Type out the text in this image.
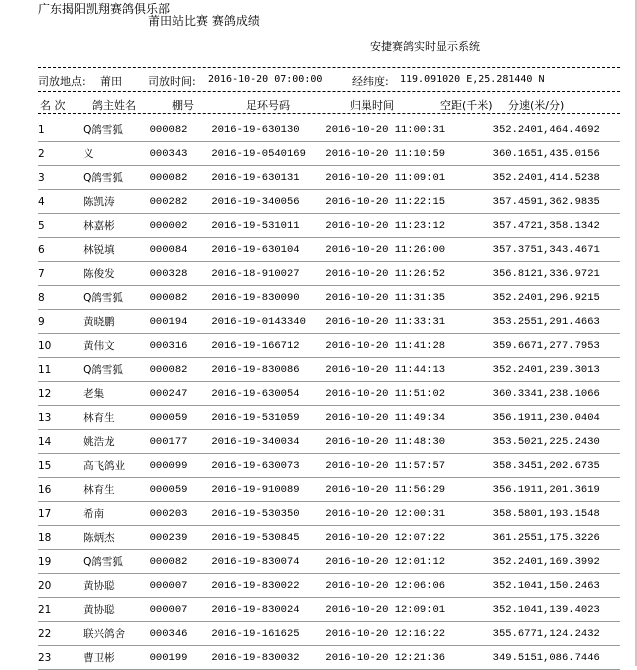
广东揭阳凯翔赛鸽俱乐部
莆田站比赛 赛鸽成绩
安捷赛鸽实时显示系统
司放地点: 莆田 司放时间: 2016-10-20 07:00:00	经纬度: 119.091020 E,25.281440 N
名 次 鸽主姓名	棚号	足环号码	归巢时间	空距(千米) 分速(米/分)
1	Q鸽雪狐	000082	2016-19-630130	2016-10-20 11:00:31	352.240	1,464.4692
2	义	000343	2016-19-0540169	2016-10-20 11:10:59	360.165	1,435.0156
3	Q鸽雪狐	000082	2016-19-630131	2016-10-20 11:09:01	352.240	1,414.5238
4	陈凯涛	000282	2016-19-340056	2016-10-20 11:22:15	357.459	1,362.9835
5	林嘉彬	000002	2016-19-531011	2016-10-20 11:23:12	357.472	1,358.1342
6	林锐填	000084	2016-19-630104	2016-10-20 11:26:00	357.375	1,343.4671
7	陈俊发	000328	2016-18-910027	2016-10-20 11:26:52	356.812	1,336.9721
8	Q鸽雪狐	000082	2016-19-830090	2016-10-20 11:31:35	352.240	1,296.9215
9	黄晓鹏	000194	2016-19-0143340	2016-10-20 11:33:31	353.255	1,291.4663
10	黄伟文	000316	2016-19-166712	2016-10-20 11:41:28	359.667	1,277.7953
11	Q鸽雪狐	000082	2016-19-830086	2016-10-20 11:44:13	352.240	1,239.3013
12	老集	000247	2016-19-630054	2016-10-20 11:51:02	360.334	1,238.1066
13	林育生	000059	2016-19-531059	2016-10-20 11:49:34	356.191	1,230.0404
14	姚浩龙	000177	2016-19-340034	2016-10-20 11:48:30	353.502	1,225.2430
15	高飞鸽业	000099	2016-19-630073	2016-10-20 11:57:57	358.345	1,202.6735
16	林育生	000059	2016-19-910089	2016-10-20 11:56:29	356.191	1,201.3619
17	希南	000203	2016-19-530350	2016-10-20 12:00:31	358.580	1,193.1548
18	陈炳杰	000239	2016-19-530845	2016-10-20 12:07:22	361.255	1,175.3226
19	Q鸽雪狐	000082	2016-19-830074	2016-10-20 12:01:12	352.240	1,169.3992
20	黄协聪	000007	2016-19-830022	2016-10-20 12:06:06	352.104	1,150.2463
21	黄协聪	000007	2016-19-830024	2016-10-20 12:09:01	352.104	1,139.4023
22	联兴鸽舍	000346	2016-19-161625	2016-10-20 12:16:22	355.677	1,124.2432
23	曹卫彬	000199	2016-19-830032	2016-10-20 12:21:36	349.515	1,086.7446
